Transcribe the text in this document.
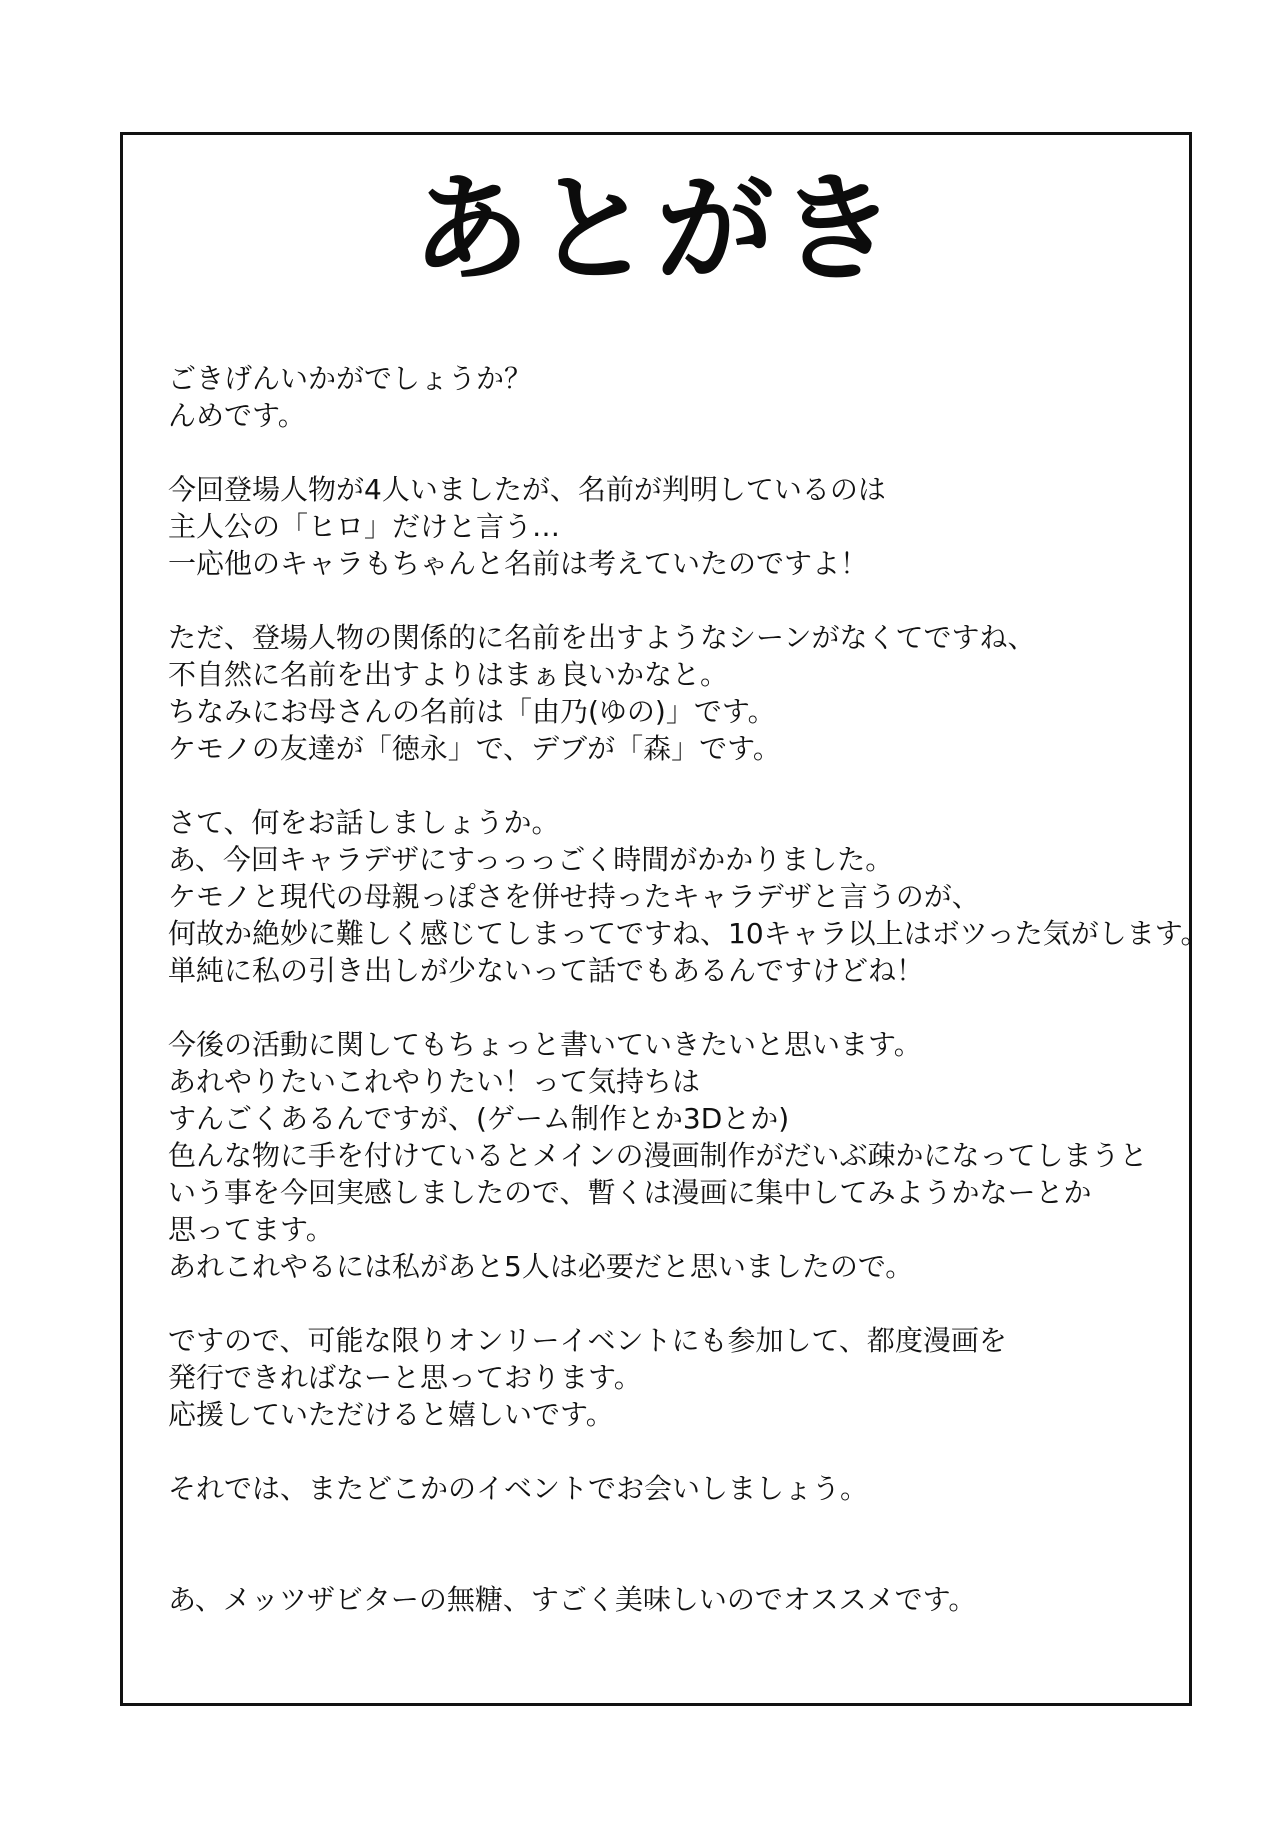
あとがき
ごきげんいかがでしょうか？
んめです。
今回登場人物が4人いましたが、名前が判明しているのは
主人公の「ヒロ」だけと言う…
一応他のキャラもちゃんと名前は考えていたのですよ！
ただ、登場人物の関係的に名前を出すようなシーンがなくてですね、
不自然に名前を出すよりはまぁ良いかなと。
ちなみにお母さんの名前は「由乃(ゆの)」です。
ケモノの友達が「徳永」で、デブが「森」です。
さて、何をお話しましょうか。
あ、今回キャラデザにすっっっごく時間がかかりました。
ケモノと現代の母親っぽさを併せ持ったキャラデザと言うのが、
何故か絶妙に難しく感じてしまってですね、10キャラ以上はボツった気がします。
単純に私の引き出しが少ないって話でもあるんですけどね！
今後の活動に関してもちょっと書いていきたいと思います。
あれやりたいこれやりたい！って気持ちは
すんごくあるんですが、(ゲーム制作とか3Dとか)
色んな物に手を付けているとメインの漫画制作がだいぶ疎かになってしまうと
いう事を今回実感しましたので、暫くは漫画に集中してみようかなーとか
思ってます。
あれこれやるには私があと5人は必要だと思いましたので。
ですので、可能な限りオンリーイベントにも参加して、都度漫画を
発行できればなーと思っております。
応援していただけると嬉しいです。
それでは、またどこかのイベントでお会いしましょう。
あ、メッツザビターの無糖、すごく美味しいのでオススメです。
